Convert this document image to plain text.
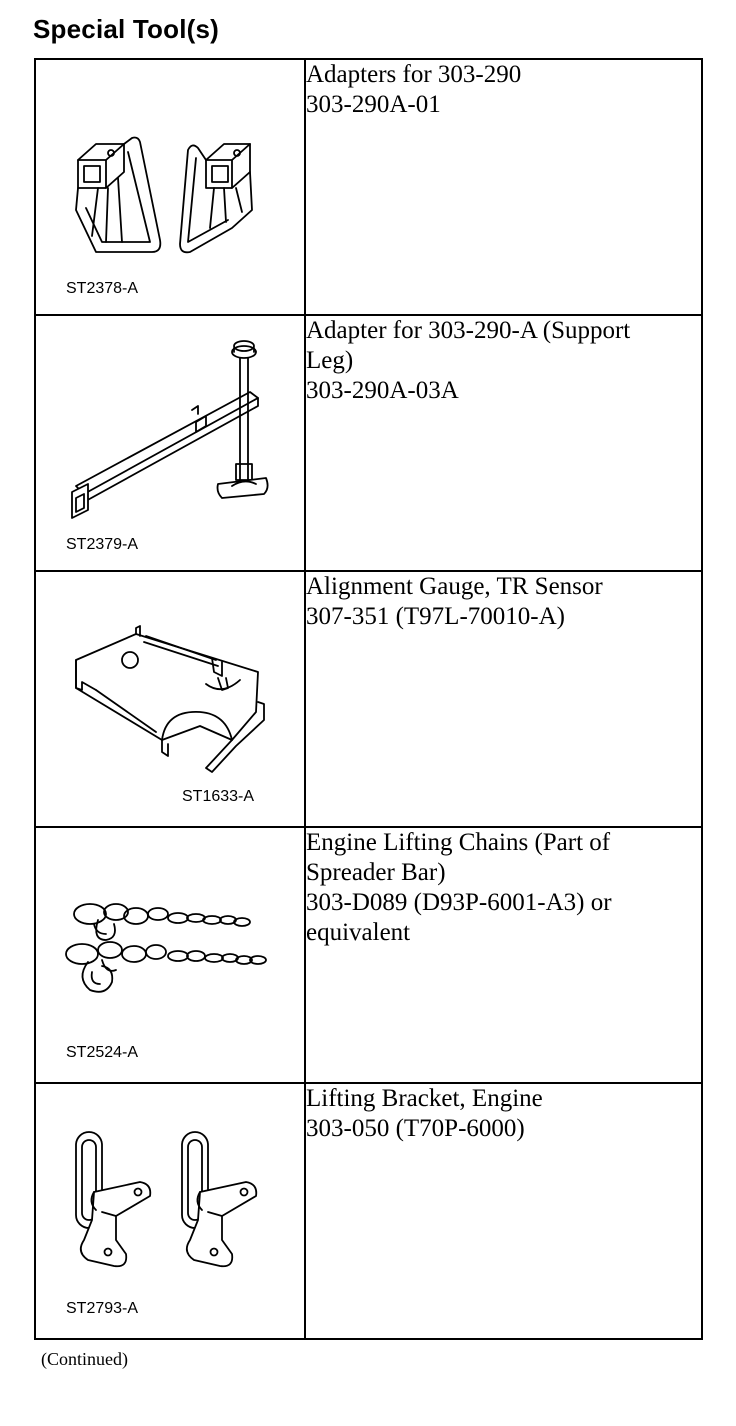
Special Tool(s)
ST2378-A	Adapters for 303-290
303-290A-01

ST2379-A	Adapter for 303-290-A (Support
Leg)
303-290A-03A

ST1633-A	Alignment Gauge, TR Sensor
307-351 (T97L-70010-A)

ST2524-A	Engine Lifting Chains (Part of
Spreader Bar)
303-D089 (D93P-6001-A3) or
equivalent

ST2793-A	Lifting Bracket, Engine
303-050 (T70P-6000)
(Continued)
